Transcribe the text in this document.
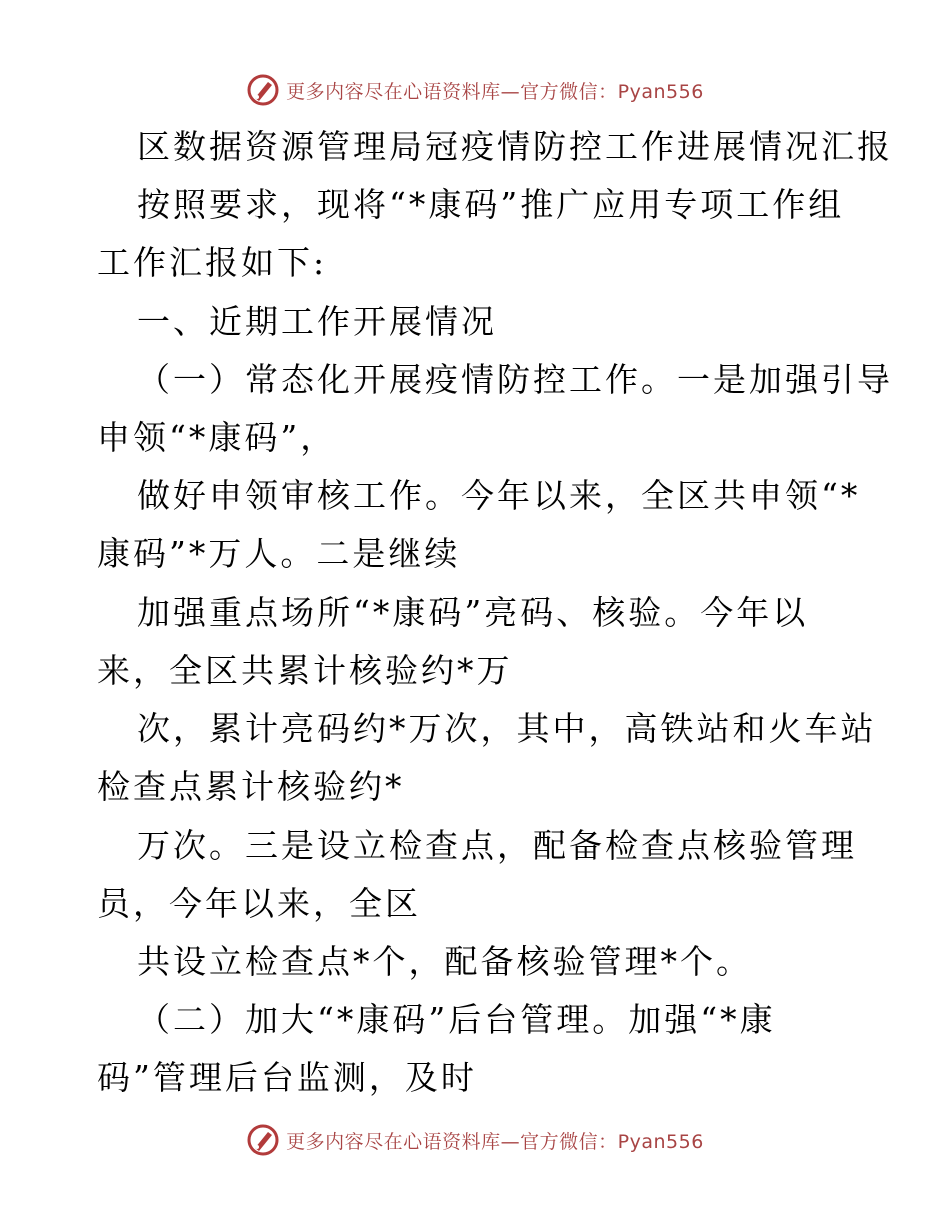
更多内容尽在心语资料库—官方微信：Pyan556
区数据资源管理局冠疫情防控工作进展情况汇报
按照要求，现将“*康码”推广应用专项工作组
工作汇报如下:
一、近期工作开展情况
（一）常态化开展疫情防控工作。一是加强引导
申领“*康码”，
做好申领审核工作。今年以来，全区共申领“*
康码”*万人。二是继续
加强重点场所“*康码”亮码、核验。今年以
来，全区共累计核验约*万
次，累计亮码约*万次，其中，高铁站和火车站
检查点累计核验约*
万次。三是设立检查点，配备检查点核验管理
员，今年以来，全区
共设立检查点*个，配备核验管理*个。
（二）加大“*康码”后台管理。加强“*康
码”管理后台监测，及时
更多内容尽在心语资料库—官方微信：Pyan556
